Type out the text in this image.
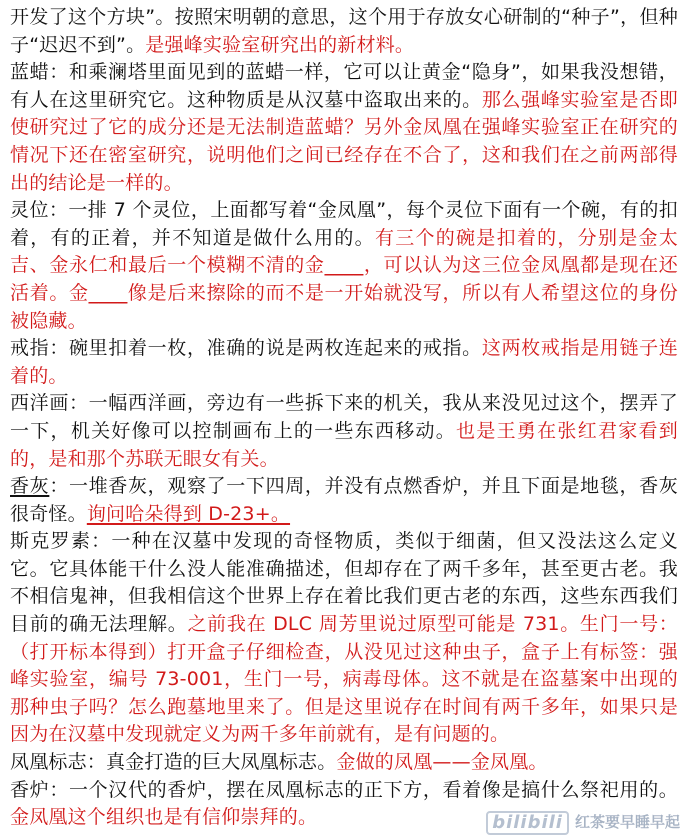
开发了这个方块”。按照宋明朝的意思，这个用于存放女心研制的“种子”，但种子“迟迟不到”。是强峰实验室研究出的新材料。

蓝蜡：和乘澜塔里面见到的蓝蜡一样，它可以让黄金“隐身”，如果我没想错，有人在这里研究它。这种物质是从汉墓中盗取出来的。那么强峰实验室是否即使研究过了它的成分还是无法制造蓝蜡？另外金凤凰在强峰实验室正在研究的情况下还在密室研究，说明他们之间已经存在不合了，这和我们在之前两部得出的结论是一样的。

灵位：一排 7 个灵位，上面都写着“金凤凰”，每个灵位下面有一个碗，有的扣着，有的正着，并不知道是做什么用的。有三个的碗是扣着的，分别是金太吉、金永仁和最后一个模糊不清的金____，可以认为这三位金凤凰都是现在还活着。金____像是后来擦除的而不是一开始就没写，所以有人希望这位的身份被隐藏。

戒指：碗里扣着一枚，准确的说是两枚连起来的戒指。这两枚戒指是用链子连着的。

西洋画：一幅西洋画，旁边有一些拆下来的机关，我从来没见过这个，摆弄了一下，机关好像可以控制画布上的一些东西移动。也是王勇在张红君家看到的，是和那个苏联无眼女有关。

香灰：一堆香灰，观察了一下四周，并没有点燃香炉，并且下面是地毯，香灰很奇怪。询问哈朵得到 D-23+。

斯克罗素：一种在汉墓中发现的奇怪物质，类似于细菌，但又没法这么定义它。它具体能干什么没人能准确描述，但却存在了两千多年，甚至更古老。我不相信鬼神，但我相信这个世界上存在着比我们更古老的东西，这些东西我们目前的确无法理解。之前我在 DLC 周芳里说过原型可能是 731。生门一号：（打开标本得到）打开盒子仔细检查，从没见过这种虫子，盒子上有标签：强峰实验室，编号 73-001，生门一号，病毒母体。这不就是在盗墓案中出现的那种虫子吗？怎么跑墓地里来了。但是这里说存在时间有两千多年，如果只是因为在汉墓中发现就定义为两千多年前就有，是有问题的。

凤凰标志：真金打造的巨大凤凰标志。金做的凤凰——金凤凰。

香炉：一个汉代的香炉，摆在凤凰标志的正下方，看着像是搞什么祭祀用的。金凤凰这个组织也是有信仰崇拜的。	bilibili 红茶要早睡早起
